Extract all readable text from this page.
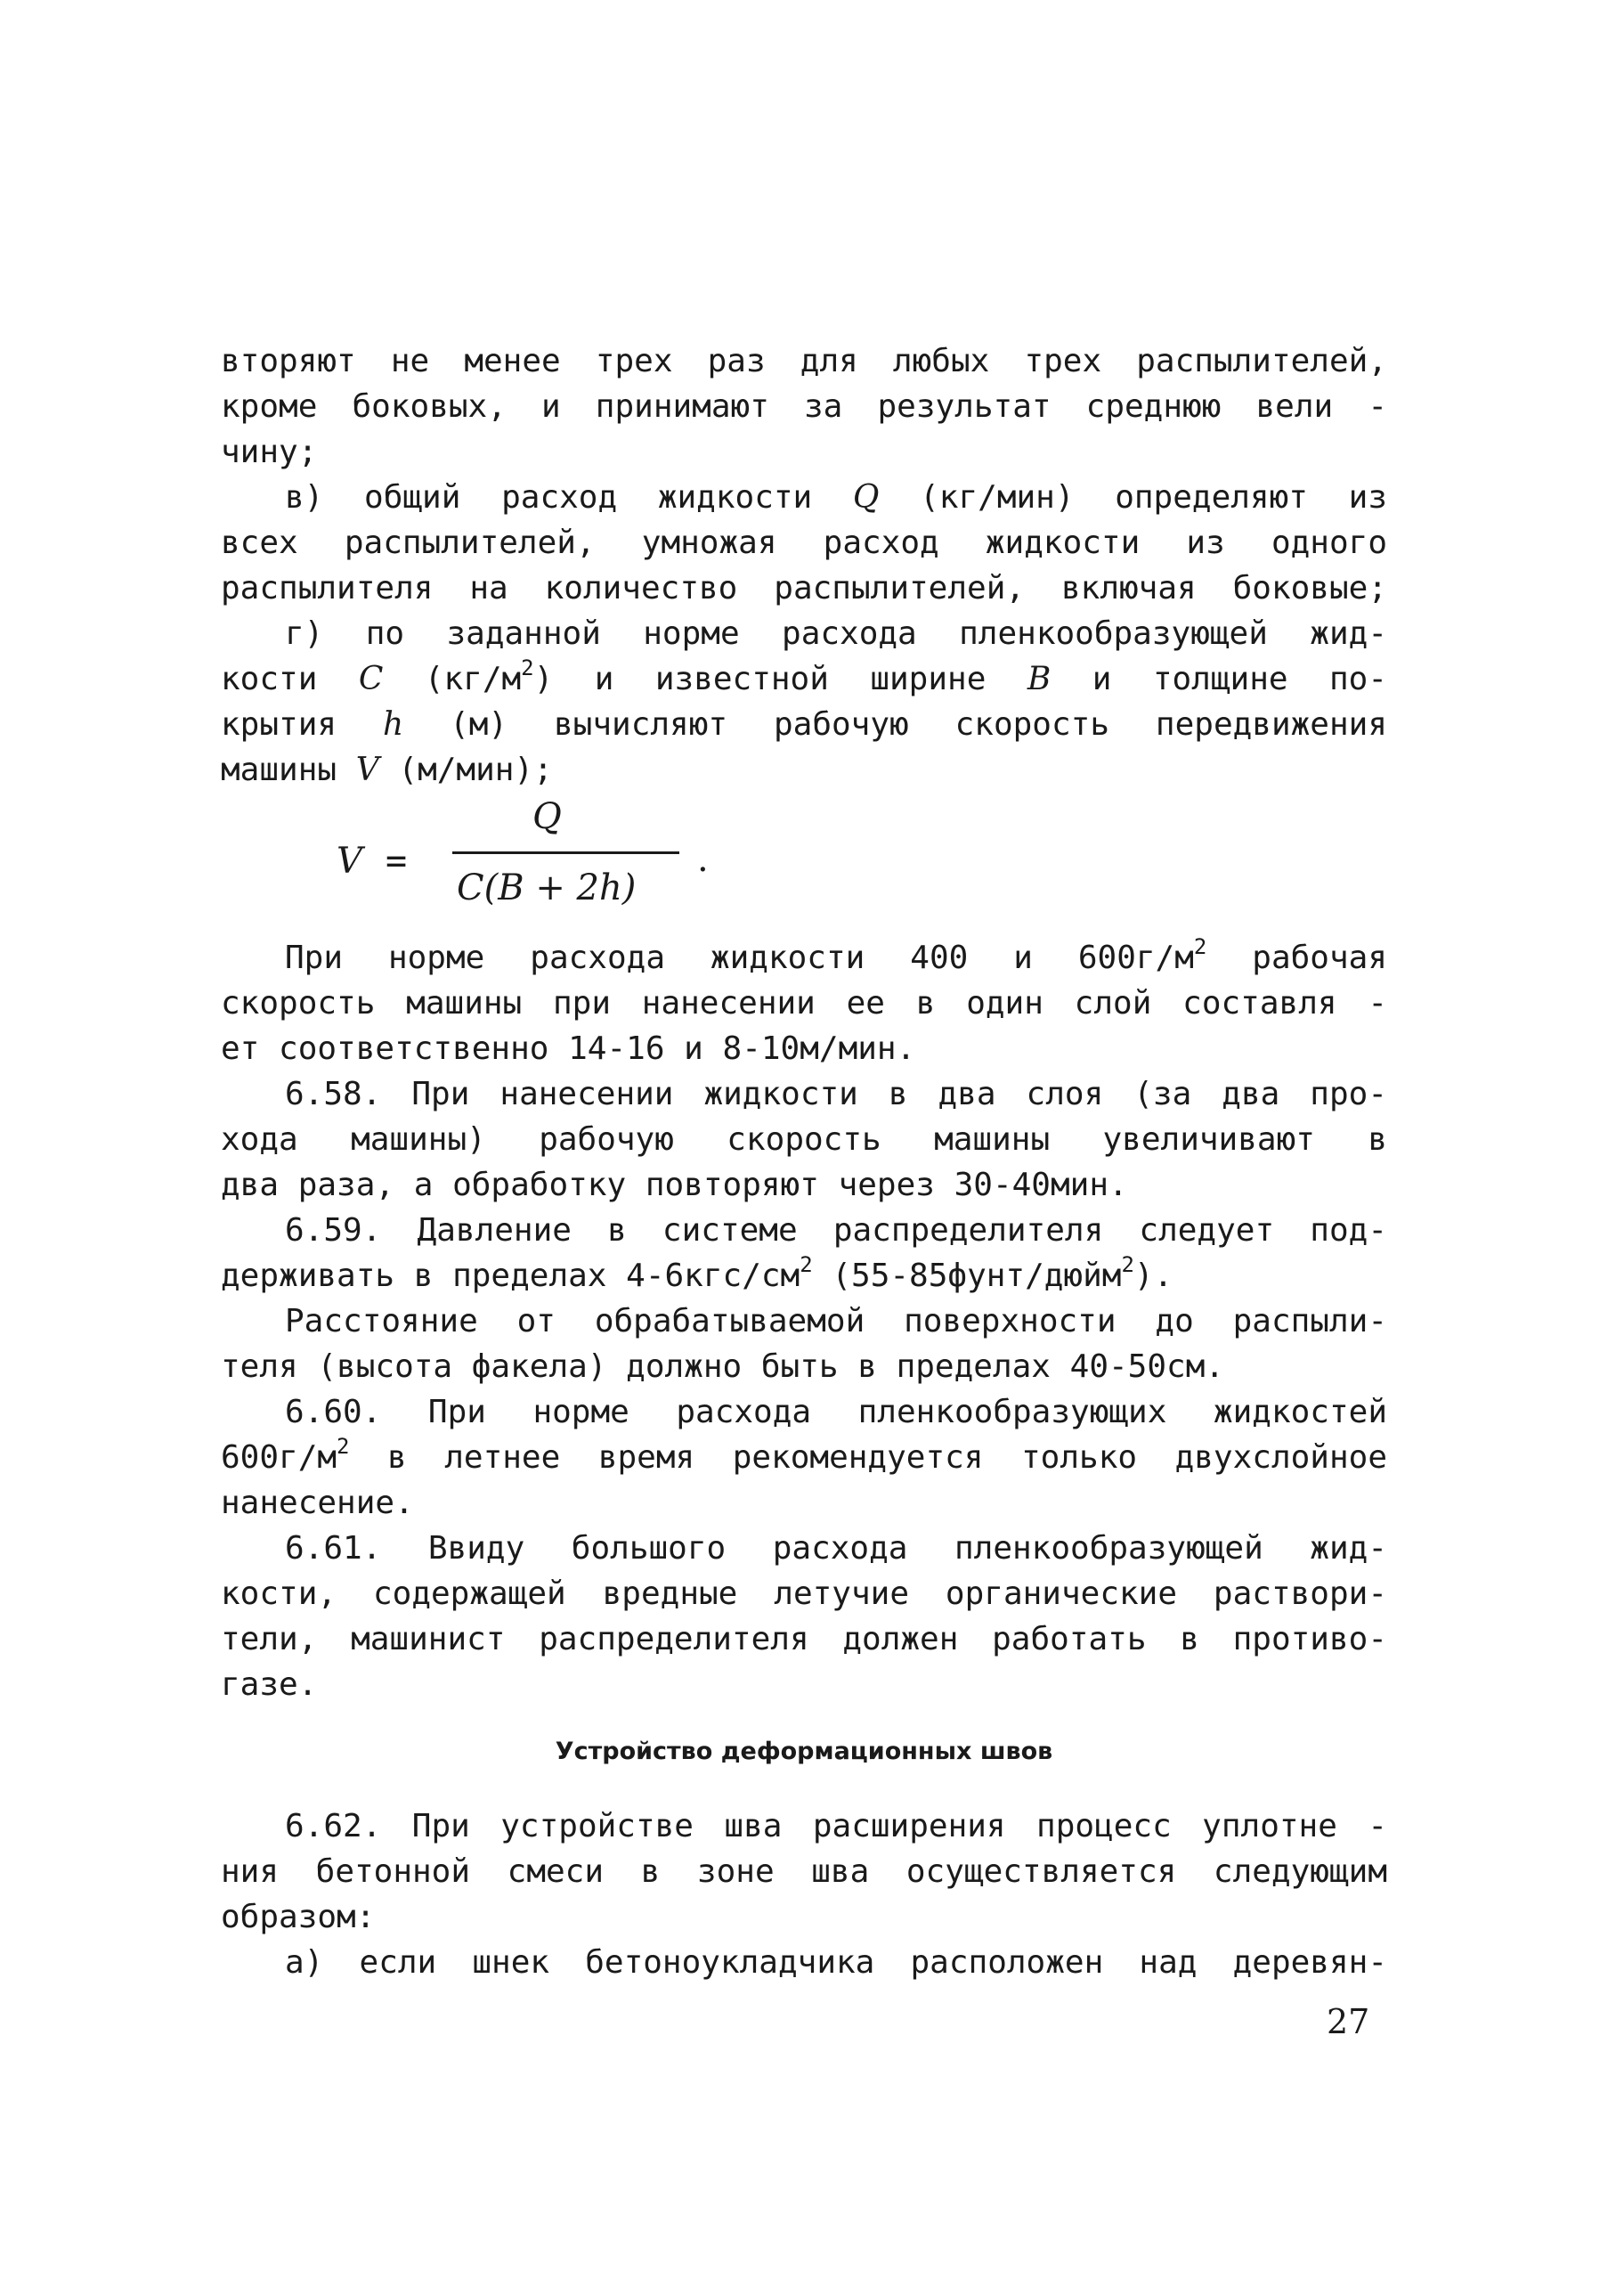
вторяют не менее трех раз для любых трех распылителей,

кроме боковых, и принимают за результат среднюю вели -

чину;

в) общий расход жидкости Q (кг/мин) определяют из

всех распылителей, умножая расход жидкости из одного

распылителя на количество распылителей, включая боковые;

г) по заданной норме расхода пленкообразующей жид-

кости C $(кг/м^2)$ и известной ширине B и толщине по-

крытия h (м) вычисляют рабочую скорость передвижения

машины V (м/мин);

V =
Q
C(B + 2h)
.

При норме расхода жидкости 400 и $600г/м^2$ рабочая

скорость машины при нанесении ее в один слой составля -

ет соответственно 14-16 и 8-10м/мин.

6.58. При нанесении жидкости в два слоя (за два про-

хода машины) рабочую скорость машины увеличивают в

два раза, а обработку повторяют через 30-40мин.

6.59. Давление в системе распределителя следует под-

держивать в пределах $4-6кгс/см^2$ (55-85фунт/дюйм$^2$).

Расстояние от обрабатываемой поверхности до распыли-

теля (высота факела) должно быть в пределах 40-50см.

6.60. При норме расхода пленкообразующих жидкостей

$600г/м^2$ в летнее время рекомендуется только двухслойное

нанесение.

6.61. Ввиду большого расхода пленкообразующей жид-

кости, содержащей вредные летучие органические раствори-

тели, машинист распределителя должен работать в противо-

газе.

Устройство деформационных швов

6.62. При устройстве шва расширения процесс уплотне -

ния бетонной смеси в зоне шва осуществляется следующим

образом:

а) если шнек бетоноукладчика расположен над деревян-

27
